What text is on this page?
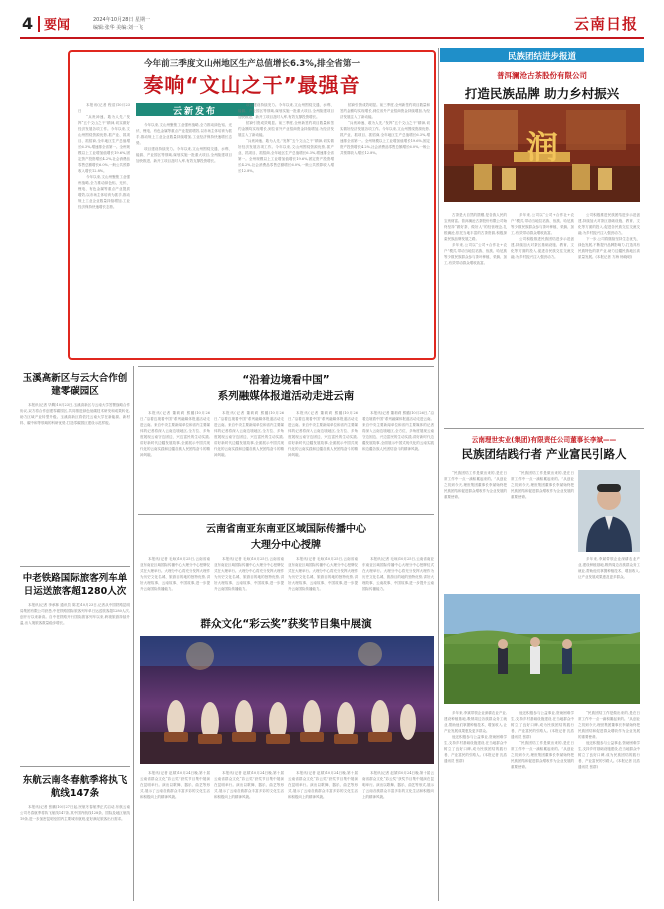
4 要闻	2024年10月28日 星期一
编辑:张华 美编:刘一飞	云南日报
今年前三季度文山州地区生产总值增长6.3%,排全省第一
奏响“文山之干”最强音

本报讯(记者 程浩)10月23日

“兵贵神速、敢为人先,”发挥“五个文山之干”精神,切实做好经济发展各项工作。今年以来,文山州围绕资源优势,抓产业、抓项目、抓招商,全年地区生产总值增长6.3%,增速排全省第一。全州规模以上工业增加值增长19.6%,固定资产投资增长4.2%,社会消费品零售总额增长6.0%,一般公共预算收入增长12.8%。

今年以来,文山州聚焦工业强州战略,全力推动绿色铝、光伏、锂电、有色金属等重点产业提质增效,以市场主体培育为抓手,推动规上工业企业数量持续增加,工业经济保持快速增长态势。

云新发布

今年以来,文山州聚焦工业强州战略,全力推动绿色铝、光伏、锂电、有色金属等重点产业提质增效,以市场主体培育为抓手,推动规上工业企业数量持续增加,工业经济保持快速增长态势。

项目建设持续发力。今年以来,文山州围绕交通、水利、能源、产业园区等领域,谋划实施一批重大项目,全州续建项目加快推进、新开工项目及时入库,有效支撑投资增长。

项目建设持续发力。今年以来,文山州围绕交通、水利、能源、产业园区等领域,谋划实施一批重大项目,全州续建项目加快推进、新开工项目及时入库,有效支撑投资增长。

招商引资成效明显。前三季度,全州新签约项目数量和签约金额均实现增长,到位省外产业招商资金持续增加,为经济发展注入了新动能。

“兵贵神速、敢为人先,”发挥“五个文山之干”精神,切实做好经济发展各项工作。今年以来,文山州围绕资源优势,抓产业、抓项目、抓招商,全年地区生产总值增长6.3%,增速排全省第一。全州规模以上工业增加值增长19.6%,固定资产投资增长4.2%,社会消费品零售总额增长6.0%,一般公共预算收入增长12.8%。

招商引资成效明显。前三季度,全州新签约项目数量和签约金额均实现增长,到位省外产业招商资金持续增加,为经济发展注入了新动能。

“兵贵神速、敢为人先,”发挥“五个文山之干”精神,切实做好经济发展各项工作。今年以来,文山州围绕资源优势,抓产业、抓项目、抓招商,全年地区生产总值增长6.3%,增速排全省第一。全州规模以上工业增加值增长19.6%,固定资产投资增长4.2%,社会消费品零售总额增长6.0%,一般公共预算收入增长12.8%。

民族团结进步报道
普洱澜沧古茶股份有限公司
打造民族品牌 助力乡村振兴
润

古茶是大自然的馈赠,是各族人民的宝贵财富。普洱澜沧古茶股份有限公司始终坚持“做好茶、做好人”的经营理念,扎根澜沧,依托当地丰富的古茶资源,积极探索民族品牌发展之路。

多年来,公司以“公司+合作社+农户”模式,带动当地拉祜族、佤族、哈尼族等少数民族群众参与茶叶种植、采摘、加工,有效带动群众增收致富。

多年来,公司以“公司+合作社+农户”模式,带动当地拉祜族、佤族、哈尼族等少数民族群众参与茶叶种植、采摘、加工,有效带动群众增收致富。

公司积极推进民族团结进步示范创建,持续加大对茶区基础设施、教育、文化等方面的投入,促进各民族交往交流交融,为乡村振兴注入强劲动力。

公司积极推进民族团结进步示范创建,持续加大对茶区基础设施、教育、文化等方面的投入,促进各民族交往交流交融,为乡村振兴注入强劲动力。

下一步,公司将继续坚持生态优先、绿色发展,不断提升品牌影响力,打造具有民族特色的茶产业,助力边疆民族地区高质量发展。(本报记者 方海 杨晓明)

玉溪高新区与云大合作创建零碳园区
本报讯(记者 毕腾)10月23日,玉溪高新区与云南大学签署战略合作协议,双方将合作创建零碳园区,共同推进绿色低碳技术研发和成果转化,助力区域产业转型升级。玉溪高新区将依托云南大学在新能源、新材料、碳中和等领域的科研优势,打造零碳园区建设示范样板。
中老铁路国际旅客列车单日运送旅客超1280人次
本报讯(记者 李承林 通讯员 陈龙)10月23日,记者从中国铁路昆明局集团有限公司获悉,中老铁路国际旅客列车单日运送旅客超1280人次,创开行以来新高。自中老铁路开行国际旅客列车以来,跨境旅游持续升温,出入境旅客数量稳步增长。
东航云南冬春航季将执飞航线147条
本报讯(记者 张鹏)10月27日起,民航冬春航季正式启动,东航云南公司冬春航季将执飞航线147条,其中国内航线128条、国际及地区航线19条,进一步加密昆明至国内主要城市航班,更好满足旅客出行需求。
“沿着边境看中国”
系列融媒体报道活动走进云南
本报讯(记者 董莉莉 熊璐)10月26日,“沿着边境看中国”系列融媒体报道活动走进云南。来自中央主要新闻单位和省内主要媒体的记者将深入云南边境地区,全方位、多角度展现云南守边固边、兴边富民的生动实践,讲好新时代边疆发展故事,全面展示中国式现代化的云南实践和边疆各族人民团结奋斗的精神风貌。
本报讯(记者 董莉莉 熊璐)10月26日,“沿着边境看中国”系列融媒体报道活动走进云南。来自中央主要新闻单位和省内主要媒体的记者将深入云南边境地区,全方位、多角度展现云南守边固边、兴边富民的生动实践,讲好新时代边疆发展故事,全面展示中国式现代化的云南实践和边疆各族人民团结奋斗的精神风貌。
本报讯(记者 董莉莉 熊璐)10月26日,“沿着边境看中国”系列融媒体报道活动走进云南。来自中央主要新闻单位和省内主要媒体的记者将深入云南边境地区,全方位、多角度展现云南守边固边、兴边富民的生动实践,讲好新时代边疆发展故事,全面展示中国式现代化的云南实践和边疆各族人民团结奋斗的精神风貌。
本报讯(记者 董莉莉 熊璐)10月26日,“沿着边境看中国”系列融媒体报道活动走进云南。来自中央主要新闻单位和省内主要媒体的记者将深入云南边境地区,全方位、多角度展现云南守边固边、兴边富民的生动实践,讲好新时代边疆发展故事,全面展示中国式现代化的云南实践和边疆各族人民团结奋斗的精神风貌。
云南省南亚东南亚区域国际传播中心
大理分中心授牌
本报讯(记者 毛咏)10月25日,云南省南亚东南亚区域国际传播中心大理分中心授牌仪式在大理举行。大理分中心将充分发挥大理作为历史文化名城、旅游目的地的独特优势,讲好大理故事、云南故事、中国故事,进一步提升云南国际传播能力。
本报讯(记者 毛咏)10月25日,云南省南亚东南亚区域国际传播中心大理分中心授牌仪式在大理举行。大理分中心将充分发挥大理作为历史文化名城、旅游目的地的独特优势,讲好大理故事、云南故事、中国故事,进一步提升云南国际传播能力。
本报讯(记者 毛咏)10月25日,云南省南亚东南亚区域国际传播中心大理分中心授牌仪式在大理举行。大理分中心将充分发挥大理作为历史文化名城、旅游目的地的独特优势,讲好大理故事、云南故事、中国故事,进一步提升云南国际传播能力。
本报讯(记者 毛咏)10月25日,云南省南亚东南亚区域国际传播中心大理分中心授牌仪式在大理举行。大理分中心将充分发挥大理作为历史文化名城、旅游目的地的独特优势,讲好大理故事、云南故事、中国故事,进一步提升云南国际传播能力。
群众文化“彩云奖”获奖节目集中展演
本报讯(记者 赵婧)10月24日晚,第十届云南省群众文化“彩云奖”获奖节目集中展演在昆明举行。演出以歌舞、器乐、曲艺等形式,展示了云南各族群众丰富多彩的文化生活和积极向上的精神风貌。
本报讯(记者 赵婧)10月24日晚,第十届云南省群众文化“彩云奖”获奖节目集中展演在昆明举行。演出以歌舞、器乐、曲艺等形式,展示了云南各族群众丰富多彩的文化生活和积极向上的精神风貌。
本报讯(记者 赵婧)10月24日晚,第十届云南省群众文化“彩云奖”获奖节目集中展演在昆明举行。演出以歌舞、器乐、曲艺等形式,展示了云南各族群众丰富多彩的文化生活和积极向上的精神风貌。
本报讯(记者 赵婧)10月24日晚,第十届云南省群众文化“彩云奖”获奖节目集中展演在昆明举行。演出以歌舞、器乐、曲艺等形式,展示了云南各族群众丰富多彩的文化生活和积极向上的精神风貌。
云南理世实业(集团)有限责任公司董事长李斌——
民族团结践行者 产业富民引路人

“民族团结工作是做出来的,是在日常工作中一点一滴积累起来的。”从创业之初到今天,理世集团董事长李斌始终把民族团结和促进群众增收作为企业发展的重要使命。

“民族团结工作是做出来的,是在日常工作中一点一滴积累起来的。”从创业之初到今天,理世集团董事长李斌始终把民族团结和促进群众增收作为企业发展的重要使命。

多年来,李斌带领企业深耕农业产业,建设种植基地,吸纳周边各族群众务工就业,帮助他们掌握种植技术、增加收入,让产业发展成果惠及更多群众。

多年来,李斌带领企业深耕农业产业,建设种植基地,吸纳周边各族群众务工就业,帮助他们掌握种植技术、增加收入,让产业发展成果惠及更多群众。

他还积极参与公益事业,资助困难学生,支持乡村基础设施建设,在当地群众中树立了良好口碑,成为民族团结的践行者、产业富民的引路人。(本报记者 沈浩 通讯员 张群)

他还积极参与公益事业,资助困难学生,支持乡村基础设施建设,在当地群众中树立了良好口碑,成为民族团结的践行者、产业富民的引路人。(本报记者 沈浩 通讯员 张群)

“民族团结工作是做出来的,是在日常工作中一点一滴积累起来的。”从创业之初到今天,理世集团董事长李斌始终把民族团结和促进群众增收作为企业发展的重要使命。

“民族团结工作是做出来的,是在日常工作中一点一滴积累起来的。”从创业之初到今天,理世集团董事长李斌始终把民族团结和促进群众增收作为企业发展的重要使命。

他还积极参与公益事业,资助困难学生,支持乡村基础设施建设,在当地群众中树立了良好口碑,成为民族团结的践行者、产业富民的引路人。(本报记者 沈浩 通讯员 张群)
